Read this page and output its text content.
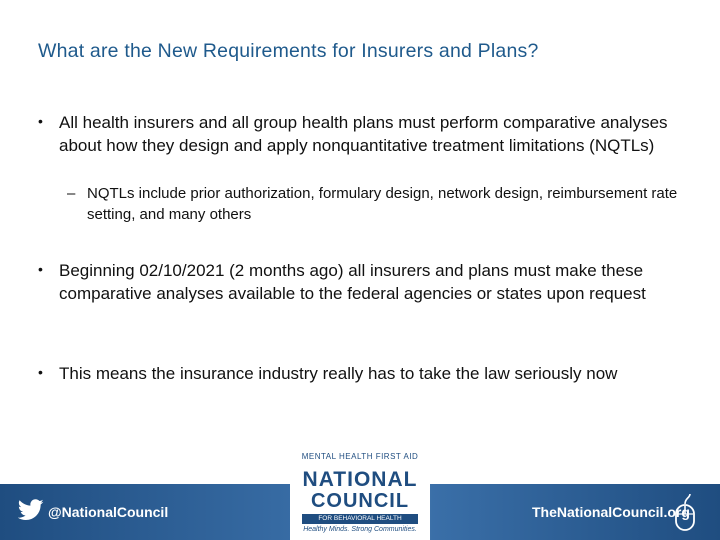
What are the New Requirements for Insurers and Plans?
• All health insurers and all group health plans must perform comparative analyses about how they design and apply nonquantitative treatment limitations (NQTLs)
– NQTLs include prior authorization, formulary design, network design, reimbursement rate setting, and many others
• Beginning 02/10/2021 (2 months ago) all insurers and plans must make these comparative analyses available to the federal agencies or states upon request
• This means the insurance industry really has to take the law seriously now
@NationalCouncil	TheNationalCouncil.org
MENTAL HEALTH FIRST AID
NATIONAL
COUNCIL
FOR BEHAVIORAL HEALTH
Healthy Minds. Strong Communities.
